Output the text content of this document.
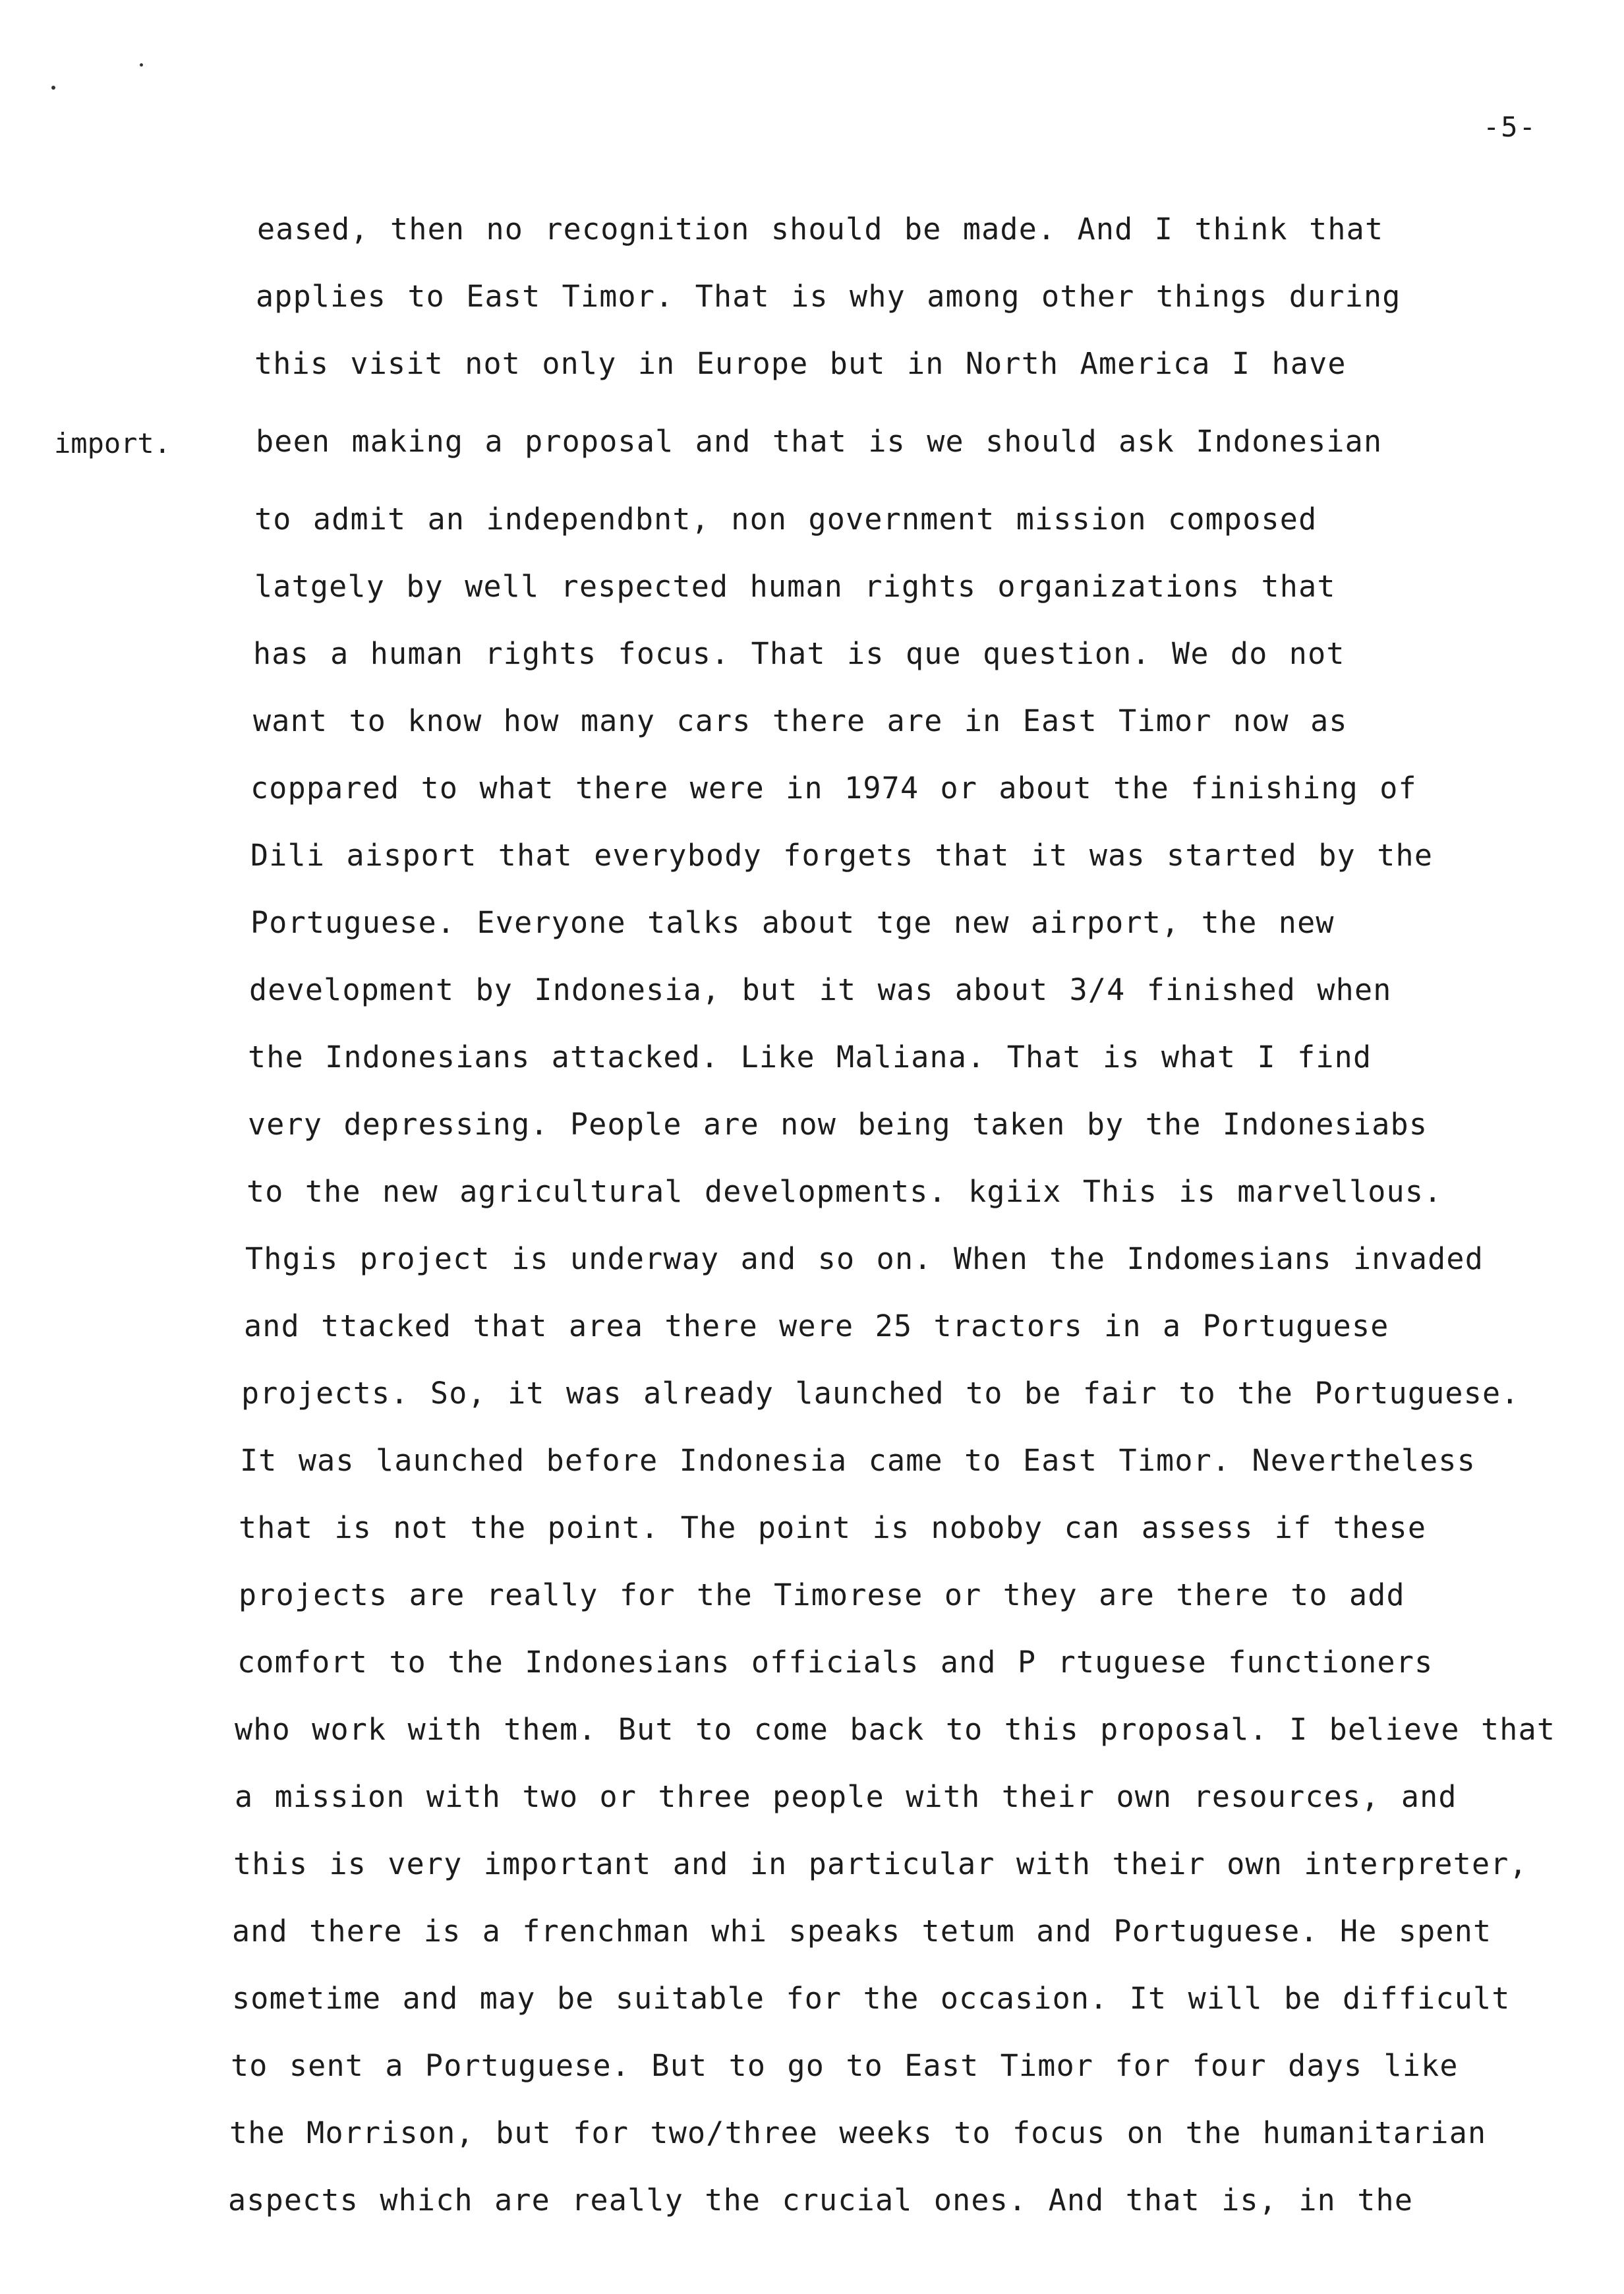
-5-
import.
eased, then no recognition should be made. And I think that
applies to East Timor. That is why among other things during
this visit not only in Europe but in North America I have
been making a proposal and that is we should ask Indonesian
to admit an independbnt, non government mission composed
latgely by well respected human rights organizations that
has a human rights focus. That is que question. We do not
want to know how many cars there are in East Timor now as
coppared to what there were in 1974 or about the finishing of
Dili aisport that everybody forgets that it was started by the
Portuguese. Everyone talks about tge new airport, the new
development by Indonesia, but it was about 3/4 finished when
the Indonesians attacked. Like Maliana. That is what I find
very depressing. People are now being taken by the Indonesiabs
to the new agricultural developments. kgiix This is marvellous.
Thgis project is underway and so on. When the Indomesians invaded
and ttacked that area there were 25 tractors in a Portuguese
projects. So, it was already launched to be fair to the Portuguese.
It was launched before Indonesia came to East Timor. Nevertheless
that is not the point. The point is noboby can assess if these
projects are really for the Timorese or they are there to add
comfort to the Indonesians officials and P rtuguese functioners
who work with them. But to come back to this proposal. I believe that
a mission with two or three people with their own resources, and
this is very important and in particular with their own interpreter,
and there is a frenchman whi speaks tetum and Portuguese. He spent
sometime and may be suitable for the occasion. It will be difficult
to sent a Portuguese. But to go to East Timor for four days like
the Morrison, but for two/three weeks to focus on the humanitarian
aspects which are really the crucial ones. And that is, in the
